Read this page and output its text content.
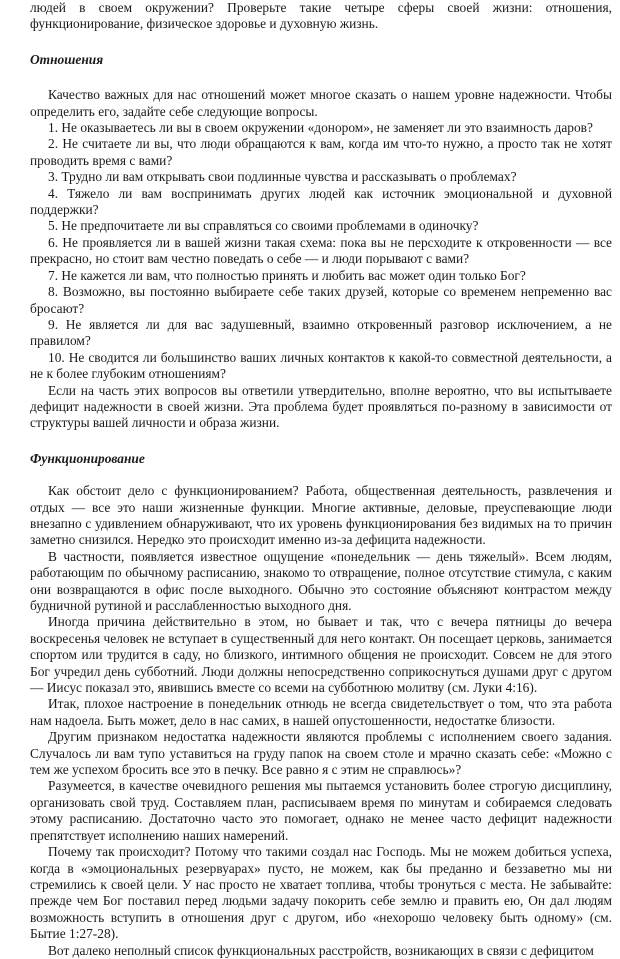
людей в своем окружении? Проверьте такие четыре сферы своей жизни: отношения, функционирование, физическое здоровье и духовную жизнь.

Отношения

Качество важных для нас отношений может многое сказать о нашем уровне надежности. Чтобы определить его, задайте себе следующие вопросы.

1. Не оказываетесь ли вы в своем окружении «донором», не заменяет ли это взаимность даров?

2. Не считаете ли вы, что люди обращаются к вам, когда им что-то нужно, а просто так не хотят проводить время с вами?

3. Трудно ли вам открывать свои подлинные чувства и рассказывать о проблемах?

4. Тяжело ли вам воспринимать других людей как источник эмоциональной и духовной поддержки?

5. Не предпочитаете ли вы справляться со своими проблемами в одиночку?

6. Не проявляется ли в вашей жизни такая схема: пока вы не персходите к откровенности — все прекрасно, но стоит вам честно поведать о себе — и люди порывают с вами?

7. Не кажется ли вам, что полностью принять и любить вас может один только Бог?

8. Возможно, вы постоянно выбираете себе таких друзей, которые со временем непременно вас бросают?

9. Не является ли для вас задушевный, взаимно откровенный разговор исключением, а не правилом?

10. Не сводится ли большинство ваших личных контактов к какой-то совместной деятельности, а не к более глубоким отношениям?

Если на часть этих вопросов вы ответили утвердительно, вполне вероятно, что вы испытываете дефицит надежности в своей жизни. Эта проблема будет проявляться по-разному в зависимости от структуры вашей личности и образа жизни.

Функционирование

Как обстоит дело с функционированием? Работа, общественная деятельность, развлечения и отдых — все это наши жизненные функции. Многие активные, деловые, преуспевающие люди внезапно с удивлением обнаруживают, что их уровень функционирования без видимых на то причин заметно снизился. Нередко это происходит именно из-за дефицита надежности.

В частности, появляется известное ощущение «понедельник — день тяжелый». Всем людям, работающим по обычному расписанию, знакомо то отвращение, полное отсутствие стимула, с каким они возвращаются в офис после выходного. Обычно это состояние объясняют контрастом между будничной рутиной и расслабленностью выходного дня.

Иногда причина действительно в этом, но бывает и так, что с вечера пятницы до вечера воскресенья человек не вступает в существенный для него контакт. Он посещает церковь, занимается спортом или трудится в саду, но близкого, интимного общения не происходит. Совсем не для этого Бог учредил день субботний. Люди должны непосредственно соприкоснуться душами друг с другом — Иисус показал это, явившись вместе со всеми на субботнюю молитву (см. Луки 4:16).

Итак, плохое настроение в понедельник отнюдь не всегда свидетельствует о том, что эта работа нам надоела. Быть может, дело в нас самих, в нашей опустошенности, недостатке близости.

Другим признаком недостатка надежности являются проблемы с исполнением своего задания. Случалось ли вам тупо уставиться на груду папок на своем столе и мрачно сказать себе: «Можно с тем же успехом бросить все это в печку. Все равно я с этим не справлюсь»?

Разумеется, в качестве очевидного решения мы пытаемся установить более строгую дисциплину, организовать свой труд. Составляем план, расписываем время по минутам и собираемся следовать этому расписанию. Достаточно часто это помогает, однако не менее часто дефицит надежности препятствует исполнению наших намерений.

Почему так происходит? Потому что такими создал нас Господь. Мы не можем добиться успеха, когда в «эмоциональных резервуарах» пусто, не можем, как бы преданно и беззаветно мы ни стремились к своей цели. У нас просто не хватает топлива, чтобы тронуться с места. Не забывайте: прежде чем Бог поставил перед людьми задачу покорить себе землю и править ею, Он дал людям возможность вступить в отношения друг с другом, ибо «нехорошо человеку быть одному» (см. Бытие 1:27-28).

Вот далеко неполный список функциональных расстройств, возникающих в связи с дефицитом
